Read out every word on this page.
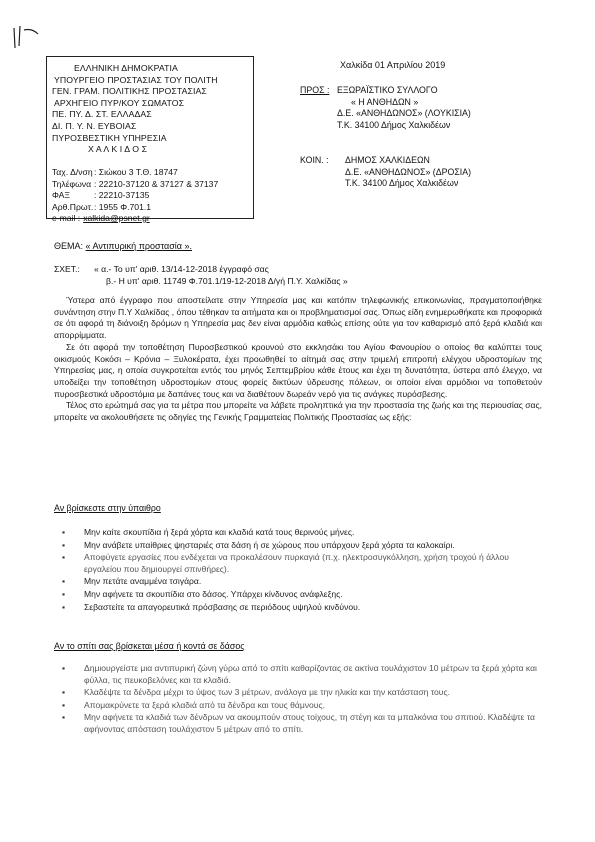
ΕΛΛΗΝΙΚΗ ΔΗΜΟΚΡΑΤΙΑ
ΥΠΟΥΡΓΕΙΟ ΠΡΟΣΤΑΣΙΑΣ ΤΟΥ ΠΟΛΙΤΗ
ΓΕΝ. ΓΡΑΜ. ΠΟΛΙΤΙΚΗΣ ΠΡΟΣΤΑΣΙΑΣ
ΑΡΧΗΓΕΙΟ ΠΥΡ/ΚΟΥ ΣΩΜΑΤΟΣ
ΠΕ. ΠΥ. Δ. ΣΤ. ΕΛΛΑΔΑΣ
ΔΙ. Π. Υ. Ν. ΕΥΒΟΙΑΣ
ΠΥΡΟΣΒΕΣΤΙΚΗ ΥΠΗΡΕΣΙΑ
Χ Α Λ Κ Ι Δ Ο Σ
Ταχ. Δ/νση : Σιώκου 3 Τ.Θ. 18747
Τηλέφωνα : 22210-37120 & 37127 & 37137
ΦΑΞ	: 22210-37135
Αρθ.Πρωτ. : 1955 Φ.701.1
e-mail : xalkida@psnet.gr
Χαλκίδα 01 Απριλίου 2019
ΠΡΟΣ : ΕΞΩΡΑΪΣΤΙΚΟ ΣΥΛΛΟΓΟ
« Η ΑΝΘΗΔΩΝ »
Δ.Ε. «ΑΝΘΗΔΩΝΟΣ» (ΛΟΥΚΙΣΙΑ)
Τ.Κ. 34100 Δήμος Χαλκιδέων
ΚΟΙΝ. :	ΔΗΜΟΣ ΧΑΛΚΙΔΕΩΝ
Δ.Ε. «ΑΝΘΗΔΩΝΟΣ» (ΔΡΟΣΙΑ)
Τ.Κ. 34100 Δήμος Χαλκιδέων
ΘΕΜΑ: « Αντιπυρική προστασία ».
ΣΧΕΤ.:	« α.- Το υπ' αριθ. 13/14-12-2018 έγγραφό σας
β.- Η υπ' αριθ. 11749 Φ.701.1/19-12-2018 Δ/γή Π.Υ. Χαλκίδας »

Ύστερα από έγγραφο που αποστείλατε στην Υπηρεσία μας και κατόπιν τηλεφωνικής επικοινωνίας, πραγματοποιήθηκε συνάντηση στην Π.Υ Χαλκίδας , όπου τέθηκαν τα αιτήματα και οι προβληματισμοί σας. Όπως είδη ενημερωθήκατε και προφορικά σε ότι αφορά τη διάνοιξη δρόμων η Υπηρεσία μας δεν είναι αρμόδια καθώς επίσης ούτε για τον καθαρισμό από ξερά κλαδιά και απορρίμματα.

Σε ότι αφορά την τοποθέτηση Πυροσβεστικού κρουνού στο εκκλησάκι του Αγίου Φανουρίου ο οποίος θα καλύπτει τους οικισμούς Κοκόσι – Κρόνια – Ξυλοκέρατα, έχει προωθηθεί το αίτημά σας στην τριμελή επιτροπή ελέγχου υδροστομίων της Υπηρεσίας μας, η οποία συγκροτείται εντός του μηνός Σεπτεμβρίου κάθε έτους και έχει τη δυνατότητα, ύστερα από έλεγχο, να υποδείξει την τοποθέτηση υδροστομίων στους φορείς δικτύων ύδρευσης πόλεων, οι οποίοι είναι αρμόδιοι να τοποθετούν πυροσβεστικά υδροστόμια με δαπάνες τους και να διαθέτουν δωρεάν νερό για τις ανάγκες πυρόσβεσης.

Τέλος στο ερώτημά σας για τα μέτρα που μπορείτε να λάβετε προληπτικά για την προστασία της ζωής και της περιουσίας σας, μπορείτε να ακολουθήσετε τις οδηγίες της Γενικής Γραμματείας Πολιτικής Προστασίας ως εξής:

Αν βρίσκεστε στην ύπαιθρο
▪	Μην καίτε σκουπίδια ή ξερά χόρτα και κλαδιά κατά τους θερινούς μήνες.
▪	Μην ανάβετε υπαίθριες ψησταριές στα δάση ή σε χώρους που υπάρχουν ξερά χόρτα τα καλοκαίρι.
▪	Αποφύγετε εργασίες που ενδέχεται να προκαλέσουν πυρκαγιά (π.χ. ηλεκτροσυγκόλληση, χρήση τροχού ή άλλου εργαλείου που δημιουργεί σπινθήρες).
▪	Μην πετάτε αναμμένα τσιγάρα.
▪	Μην αφήνετε τα σκουπίδια στο δάσος. Υπάρχει κίνδυνος ανάφλεξης.
▪	Σεβαστείτε τα απαγορευτικά πρόσβασης σε περιόδους υψηλού κινδύνου.
Αν το σπίτι σας βρίσκεται μέσα ή κοντά σε δάσος
▪	Δημιουργείστε μια αντιπυρική ζώνη γύρω από το σπίτι καθαρίζοντας σε ακτίνα τουλάχιστον 10 μέτρων τα ξερά χόρτα και φύλλα, τις πευκοβελόνες και τα κλαδιά.
▪	Κλαδέψτε τα δένδρα μέχρι το ύψος των 3 μέτρων, ανάλογα με την ηλικία και την κατάσταση τους.
▪	Απομακρύνετε τα ξερά κλαδιά από τα δένδρα και τους θάμνους.
▪	Μην αφήνετε τα κλαδιά των δένδρων να ακουμπούν στους τοίχους, τη στέγη και τα μπαλκόνια του σπιτιού. Κλαδέψτε τα αφήνοντας απόσταση τουλάχιστον 5 μέτρων από το σπίτι.
